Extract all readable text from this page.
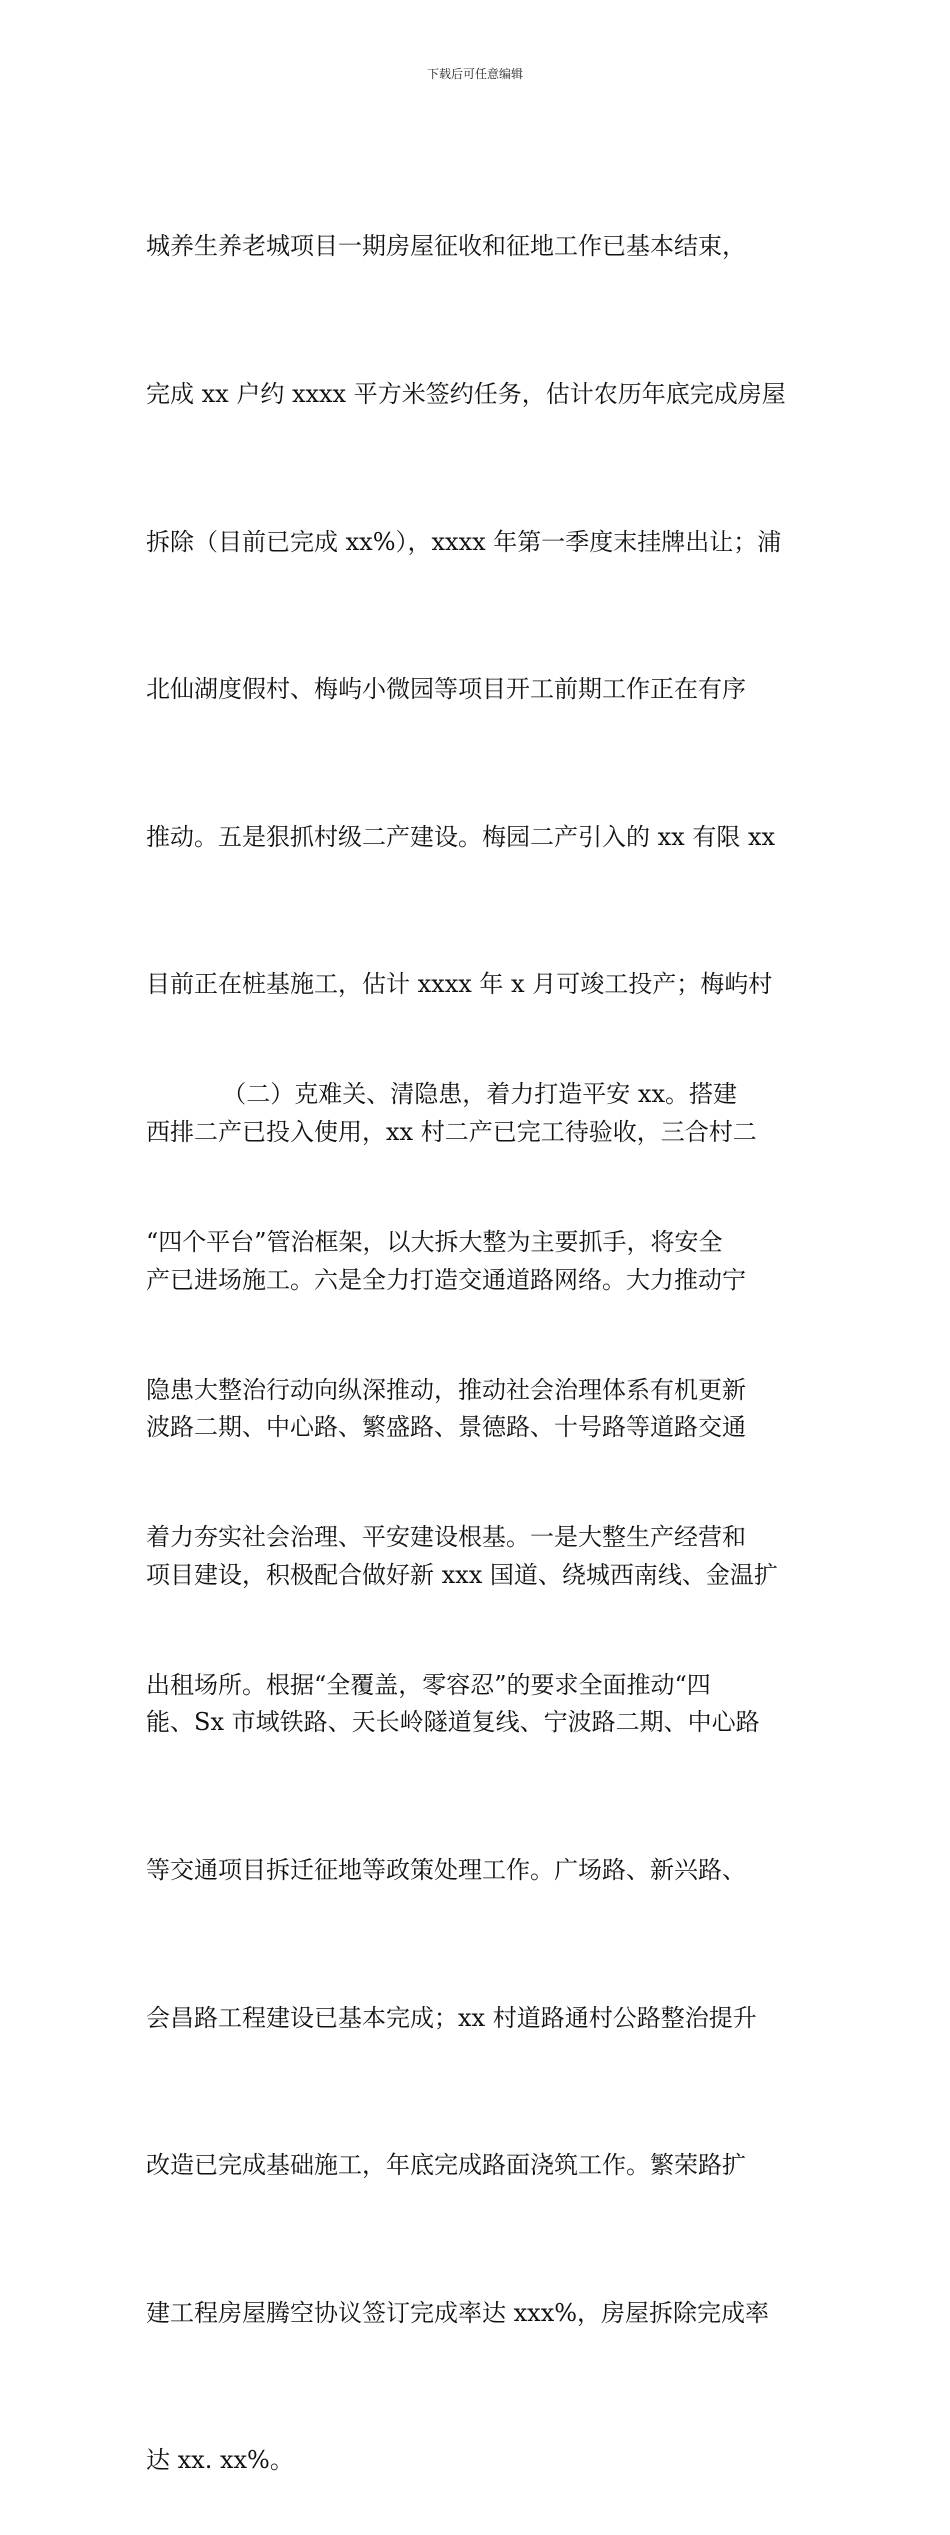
下载后可任意编辑

城养生养老城项目一期房屋征收和征地工作已基本结束，

完成 xx 户约 xxxx 平方米签约任务，估计农历年底完成房屋

拆除（目前已完成 xx%），xxxx 年第一季度末挂牌出让；浦

北仙湖度假村、梅屿小微园等项目开工前期工作正在有序

推动。五是狠抓村级二产建设。梅园二产引入的 xx 有限 xx

目前正在桩基施工，估计 xxxx 年 x 月可竣工投产；梅屿村

西排二产已投入使用，xx 村二产已完工待验收，三合村二

产已进场施工。六是全力打造交通道路网络。大力推动宁

波路二期、中心路、繁盛路、景德路、十号路等道路交通

项目建设，积极配合做好新 xxx 国道、绕城西南线、金温扩

能、Sx 市域铁路、天长岭隧道复线、宁波路二期、中心路

等交通项目拆迁征地等政策处理工作。广场路、新兴路、

会昌路工程建设已基本完成；xx 村道路通村公路整治提升

改造已完成基础施工，年底完成路面浇筑工作。繁荣路扩

建工程房屋腾空协议签订完成率达 xxx%，房屋拆除完成率

达 xx. xx%。

（二）克难关、清隐患，着力打造平安 xx。搭建

“四个平台”管治框架，以大拆大整为主要抓手，将安全

隐患大整治行动向纵深推动，推动社会治理体系有机更新

着力夯实社会治理、平安建设根基。一是大整生产经营和

出租场所。根据“全覆盖，零容忍”的要求全面推动“四
